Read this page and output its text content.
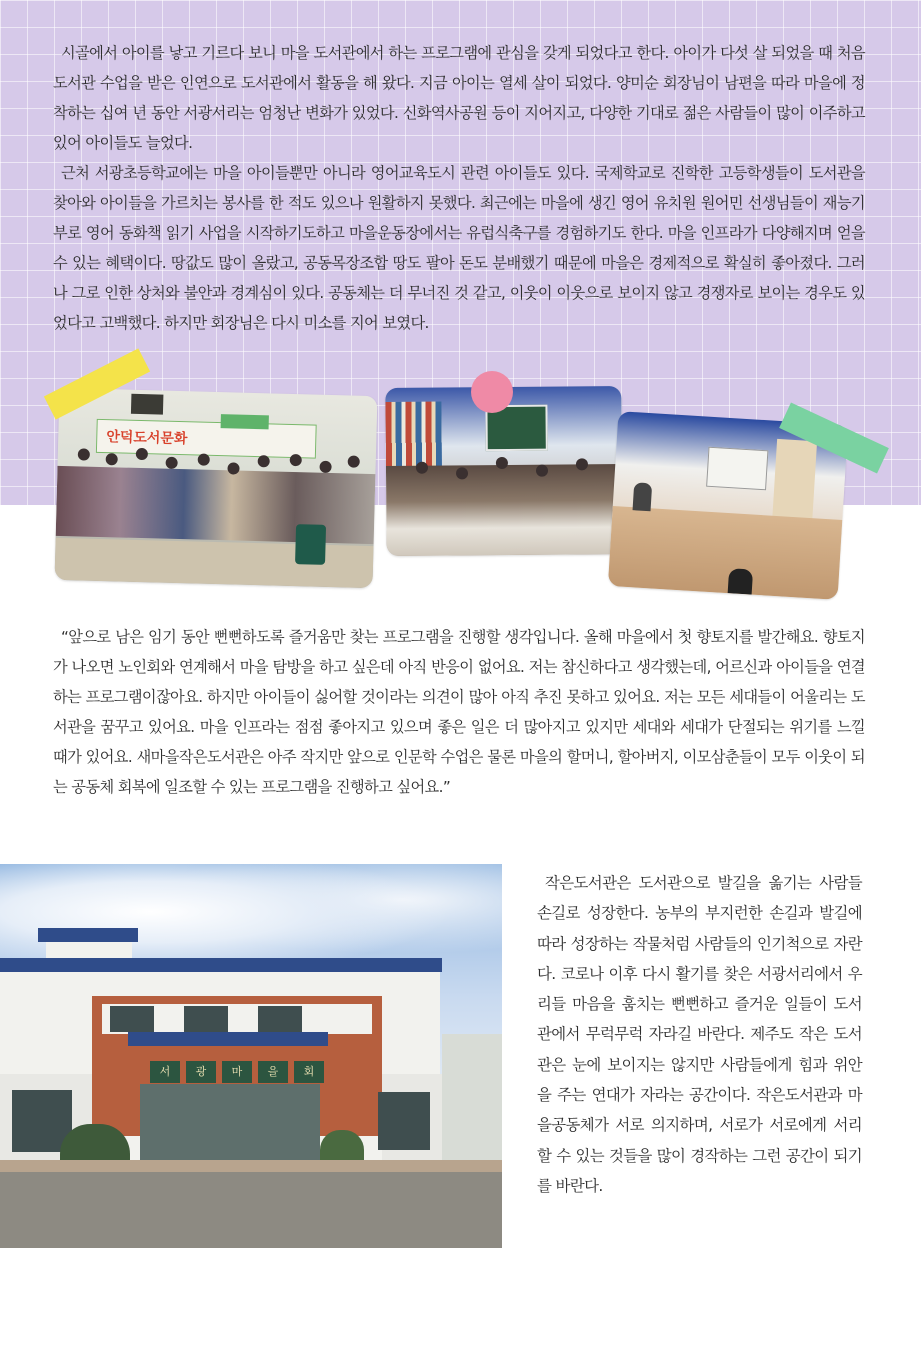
시골에서 아이를 낳고 기르다 보니 마을 도서관에서 하는 프로그램에 관심을 갖게 되었다고 한다. 아이가 다섯 살 되었을 때 처음 도서관 수업을 받은 인연으로 도서관에서 활동을 해 왔다. 지금 아이는 열세 살이 되었다. 양미순 회장님이 남편을 따라 마을에 정착하는 십여 년 동안 서광서리는 엄청난 변화가 있었다. 신화역사공원 등이 지어지고, 다양한 기대로 젊은 사람들이 많이 이주하고 있어 아이들도 늘었다.

근처 서광초등학교에는 마을 아이들뿐만 아니라 영어교육도시 관련 아이들도 있다. 국제학교로 진학한 고등학생들이 도서관을 찾아와 아이들을 가르치는 봉사를 한 적도 있으나 원활하지 못했다. 최근에는 마을에 생긴 영어 유치원 원어민 선생님들이 재능기부로 영어 동화책 읽기 사업을 시작하기도하고 마을운동장에서는 유럽식축구를 경험하기도 한다. 마을 인프라가 다양해지며 얻을 수 있는 혜택이다. 땅값도 많이 올랐고, 공동목장조합 땅도 팔아 돈도 분배했기 때문에 마을은 경제적으로 확실히 좋아졌다. 그러나 그로 인한 상처와 불안과 경계심이 있다. 공동체는 더 무너진 것 같고, 이웃이 이웃으로 보이지 않고 경쟁자로 보이는 경우도 있었다고 고백했다. 하지만 회장님은 다시 미소를 지어 보였다.

안덕도서문화

“앞으로 남은 임기 동안 뻔뻔하도록 즐거움만 찾는 프로그램을 진행할 생각입니다. 올해 마을에서 첫 향토지를 발간해요. 향토지가 나오면 노인회와 연계해서 마을 탐방을 하고 싶은데 아직 반응이 없어요. 저는 참신하다고 생각했는데, 어르신과 아이들을 연결하는 프로그램이잖아요. 하지만 아이들이 싫어할 것이라는 의견이 많아 아직 추진 못하고 있어요. 저는 모든 세대들이 어울리는 도서관을 꿈꾸고 있어요. 마을 인프라는 점점 좋아지고 있으며 좋은 일은 더 많아지고 있지만 세대와 세대가 단절되는 위기를 느낄 때가 있어요. 새마을작은도서관은 아주 작지만 앞으로 인문학 수업은 물론 마을의 할머니, 할아버지, 이모삼춘들이 모두 이웃이 되는 공동체 회복에 일조할 수 있는 프로그램을 진행하고 싶어요.”

서	광	마	을	회

작은도서관은 도서관으로 발길을 옮기는 사람들 손길로 성장한다. 농부의 부지런한 손길과 발길에 따라 성장하는 작물처럼 사람들의 인기척으로 자란다. 코로나 이후 다시 활기를 찾은 서광서리에서 우리들 마음을 훔치는 뻔뻔하고 즐거운 일들이 도서관에서 무럭무럭 자라길 바란다. 제주도 작은 도서관은 눈에 보이지는 않지만 사람들에게 힘과 위안을 주는 연대가 자라는 공간이다. 작은도서관과 마을공동체가 서로 의지하며, 서로가 서로에게 서리할 수 있는 것들을 많이 경작하는 그런 공간이 되기를 바란다.
